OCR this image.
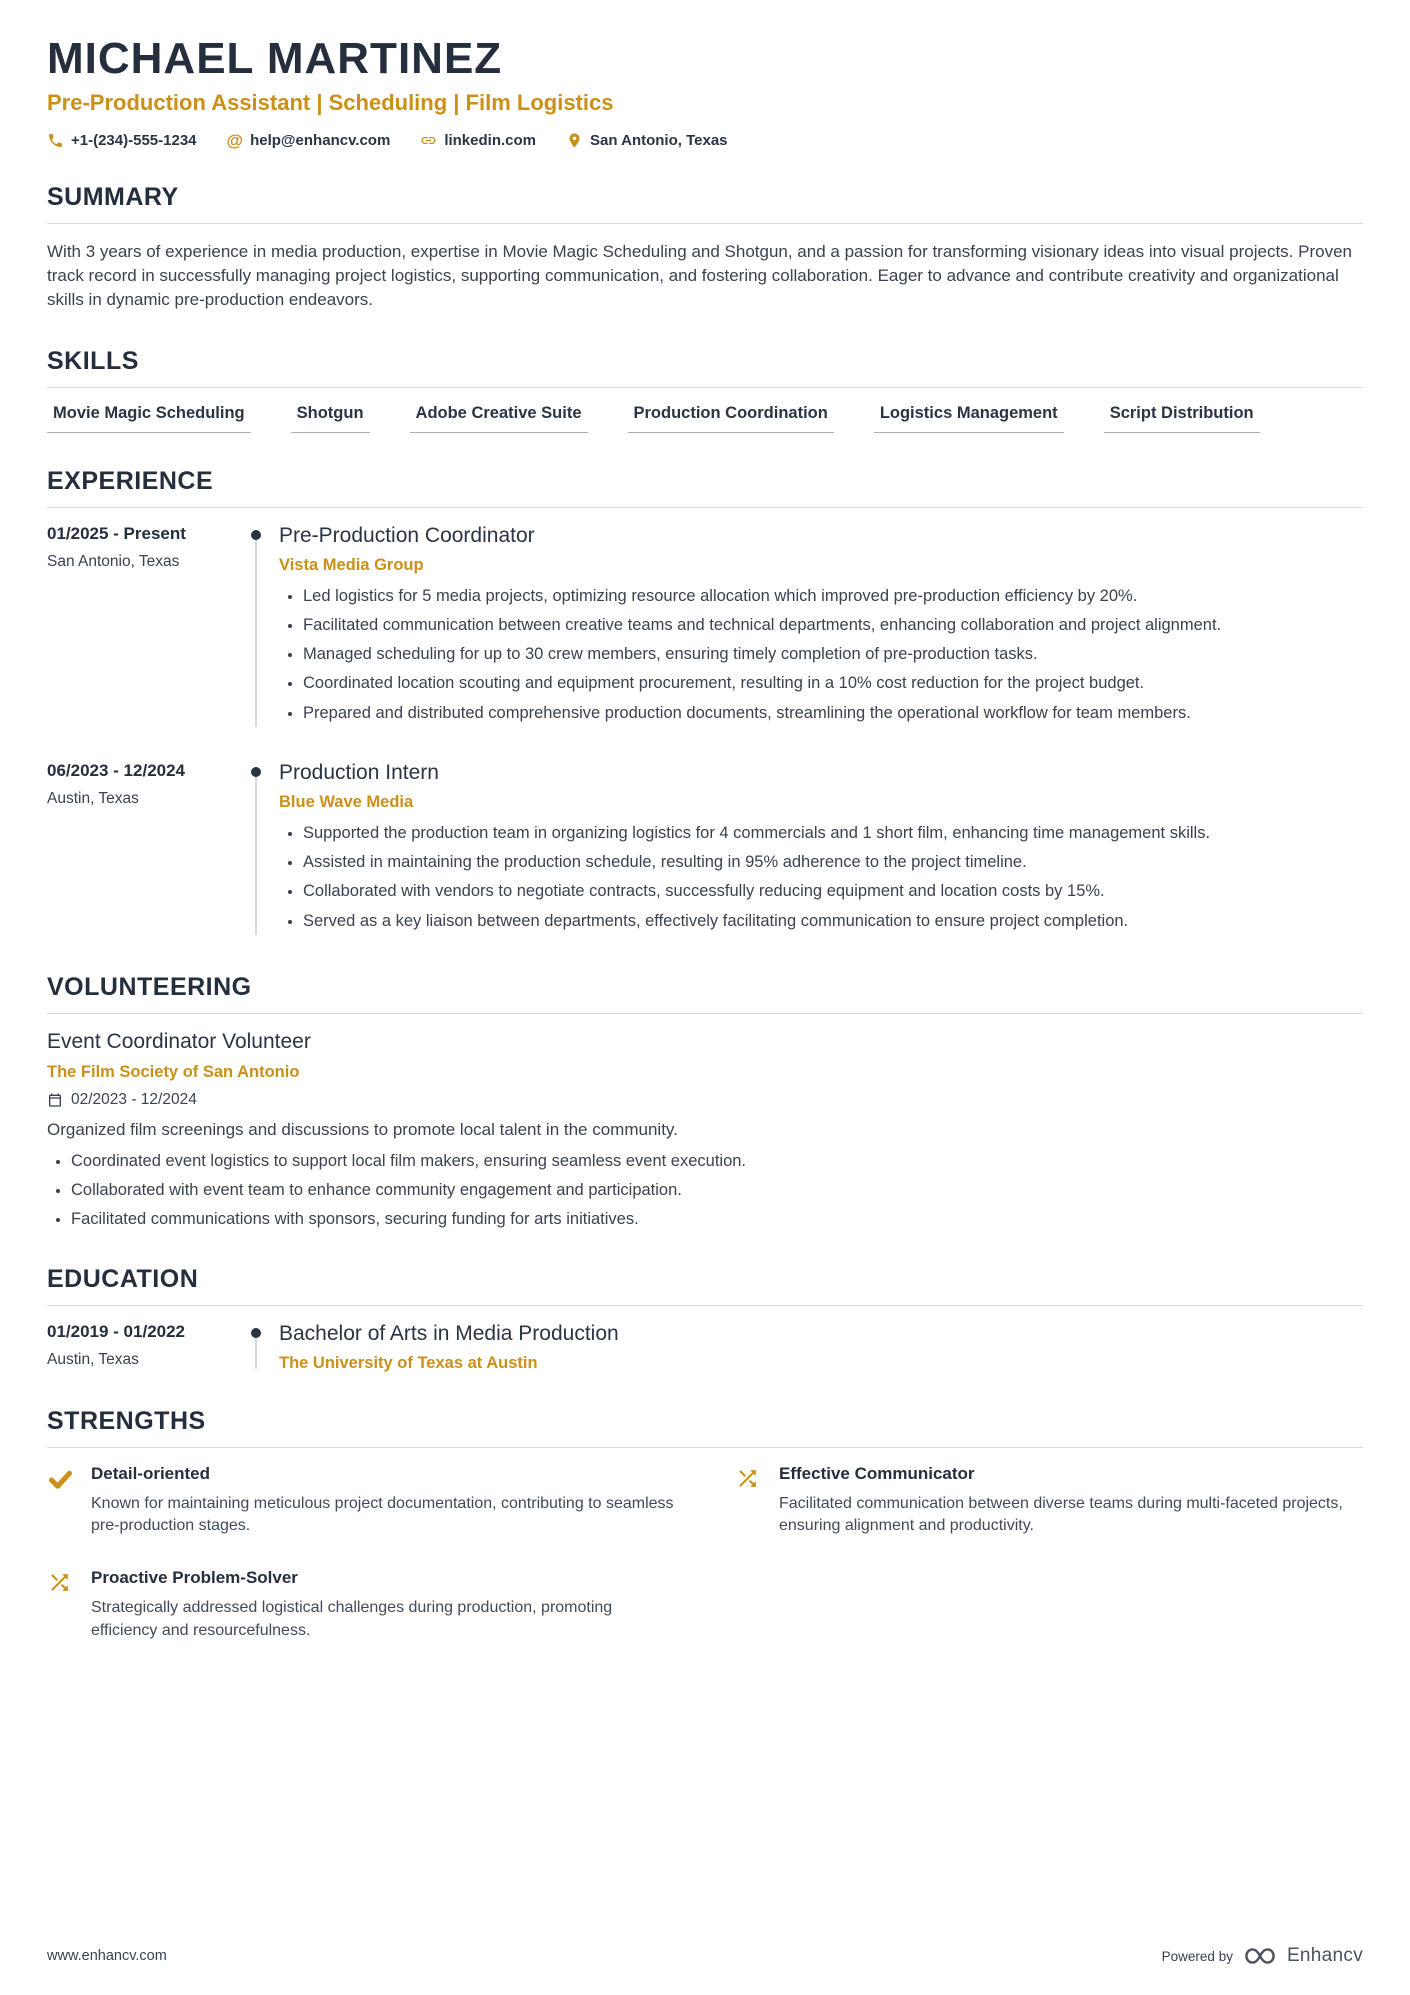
MICHAEL MARTINEZ
Pre-Production Assistant | Scheduling | Film Logistics
+1-(234)-555-1234 @ help@enhancv.com	linkedin.com	San Antonio, Texas
SUMMARY

With 3 years of experience in media production, expertise in Movie Magic Scheduling and Shotgun, and a passion for transforming visionary ideas into visual projects. Proven track record in successfully managing project logistics, supporting communication, and fostering collaboration. Eager to advance and contribute creativity and organizational skills in dynamic pre-production endeavors.

SKILLS
Movie Magic Scheduling	Shotgun	Adobe Creative Suite	Production Coordination	Logistics Management	Script Distribution
EXPERIENCE
01/2025 - Present
San Antonio, Texas
Pre-Production Coordinator
Vista Media Group
• Led logistics for 5 media projects, optimizing resource allocation which improved pre-production efficiency by 20%.
• Facilitated communication between creative teams and technical departments, enhancing collaboration and project alignment.
• Managed scheduling for up to 30 crew members, ensuring timely completion of pre-production tasks.
• Coordinated location scouting and equipment procurement, resulting in a 10% cost reduction for the project budget.
• Prepared and distributed comprehensive production documents, streamlining the operational workflow for team members.
06/2023 - 12/2024
Austin, Texas
Production Intern
Blue Wave Media
• Supported the production team in organizing logistics for 4 commercials and 1 short film, enhancing time management skills.
• Assisted in maintaining the production schedule, resulting in 95% adherence to the project timeline.
• Collaborated with vendors to negotiate contracts, successfully reducing equipment and location costs by 15%.
• Served as a key liaison between departments, effectively facilitating communication to ensure project completion.
VOLUNTEERING
Event Coordinator Volunteer
The Film Society of San Antonio
02/2023 - 12/2024
Organized film screenings and discussions to promote local talent in the community.
• Coordinated event logistics to support local film makers, ensuring seamless event execution.
• Collaborated with event team to enhance community engagement and participation.
• Facilitated communications with sponsors, securing funding for arts initiatives.
EDUCATION
01/2019 - 01/2022
Austin, Texas
Bachelor of Arts in Media Production
The University of Texas at Austin
STRENGTHS
Detail-oriented
Known for maintaining meticulous project documentation, contributing to seamless pre-production stages.
Effective Communicator
Facilitated communication between diverse teams during multi-faceted projects, ensuring alignment and productivity.
Proactive Problem-Solver
Strategically addressed logistical challenges during production, promoting efficiency and resourcefulness.
www.enhancv.com	Powered by	Enhancv
